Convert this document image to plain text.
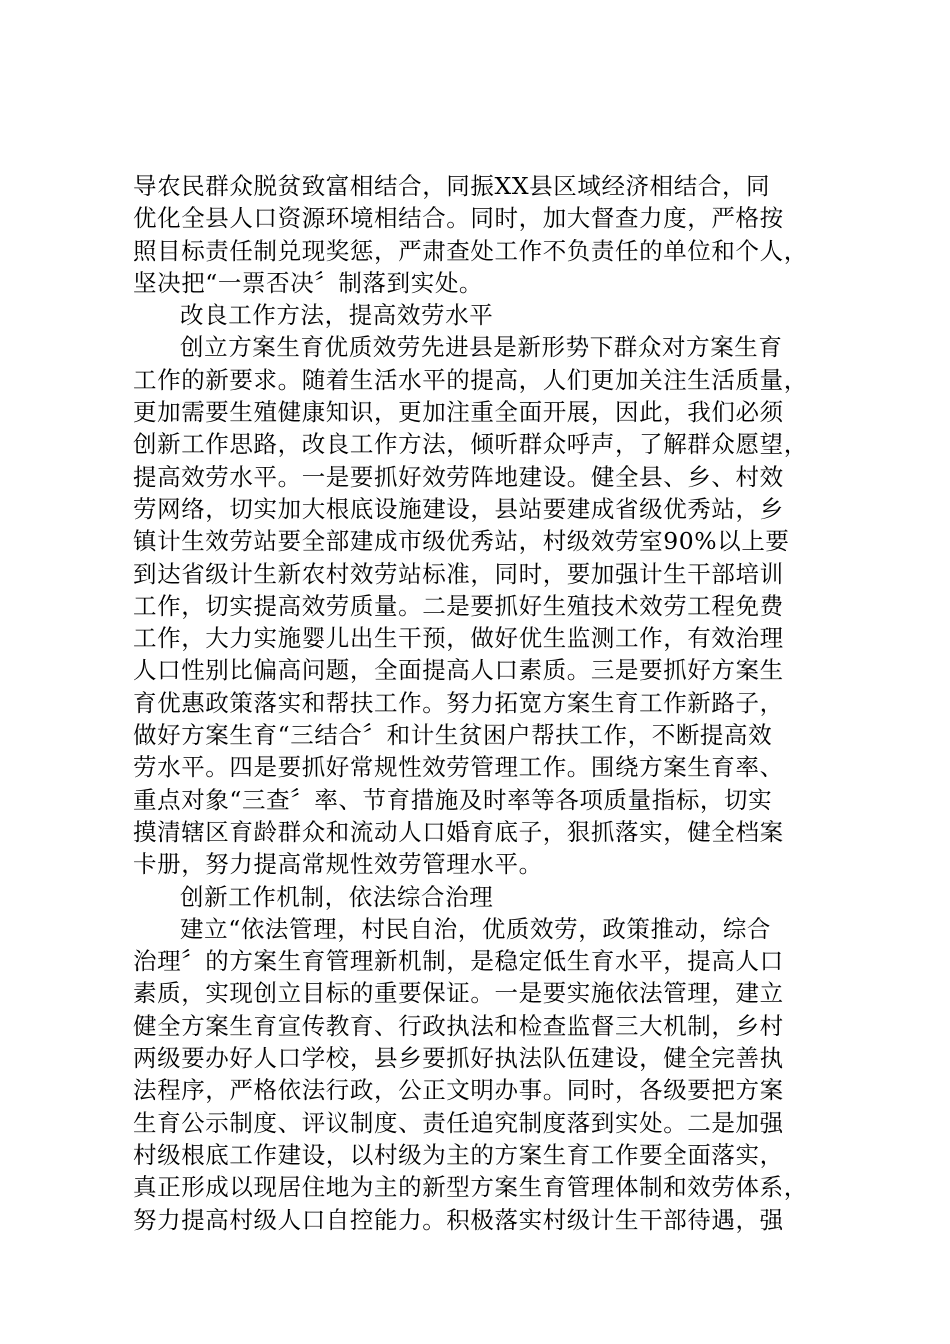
导农民群众脱贫致富相结合，同振XX县区域经济相结合，同
优化全县人口资源环境相结合。同时，加大督查力度，严格按
照目标责任制兑现奖惩，严肃查处工作不负责任的单位和个人，
坚决把“一票否决〞制落到实处。
改良工作方法，提高效劳水平
创立方案生育优质效劳先进县是新形势下群众对方案生育
工作的新要求。随着生活水平的提高，人们更加关注生活质量，
更加需要生殖健康知识，更加注重全面开展，因此，我们必须
创新工作思路，改良工作方法，倾听群众呼声，了解群众愿望，
提高效劳水平。一是要抓好效劳阵地建设。健全县、乡、村效
劳网络，切实加大根底设施建设，县站要建成省级优秀站，乡
镇计生效劳站要全部建成市级优秀站，村级效劳室90%以上要
到达省级计生新农村效劳站标准，同时，要加强计生干部培训
工作，切实提高效劳质量。二是要抓好生殖技术效劳工程免费
工作，大力实施婴儿出生干预，做好优生监测工作，有效治理
人口性别比偏高问题，全面提高人口素质。三是要抓好方案生
育优惠政策落实和帮扶工作。努力拓宽方案生育工作新路子，
做好方案生育“三结合〞和计生贫困户帮扶工作，不断提高效
劳水平。四是要抓好常规性效劳管理工作。围绕方案生育率、
重点对象“三查〞率、节育措施及时率等各项质量指标，切实
摸清辖区育龄群众和流动人口婚育底子，狠抓落实，健全档案
卡册，努力提高常规性效劳管理水平。
创新工作机制，依法综合治理
建立“依法管理，村民自治，优质效劳，政策推动，综合
治理〞的方案生育管理新机制，是稳定低生育水平，提高人口
素质，实现创立目标的重要保证。一是要实施依法管理，建立
健全方案生育宣传教育、行政执法和检查监督三大机制，乡村
两级要办好人口学校，县乡要抓好执法队伍建设，健全完善执
法程序，严格依法行政，公正文明办事。同时，各级要把方案
生育公示制度、评议制度、责任追究制度落到实处。二是加强
村级根底工作建设，以村级为主的方案生育工作要全面落实，
真正形成以现居住地为主的新型方案生育管理体制和效劳体系，
努力提高村级人口自控能力。积极落实村级计生干部待遇，强
